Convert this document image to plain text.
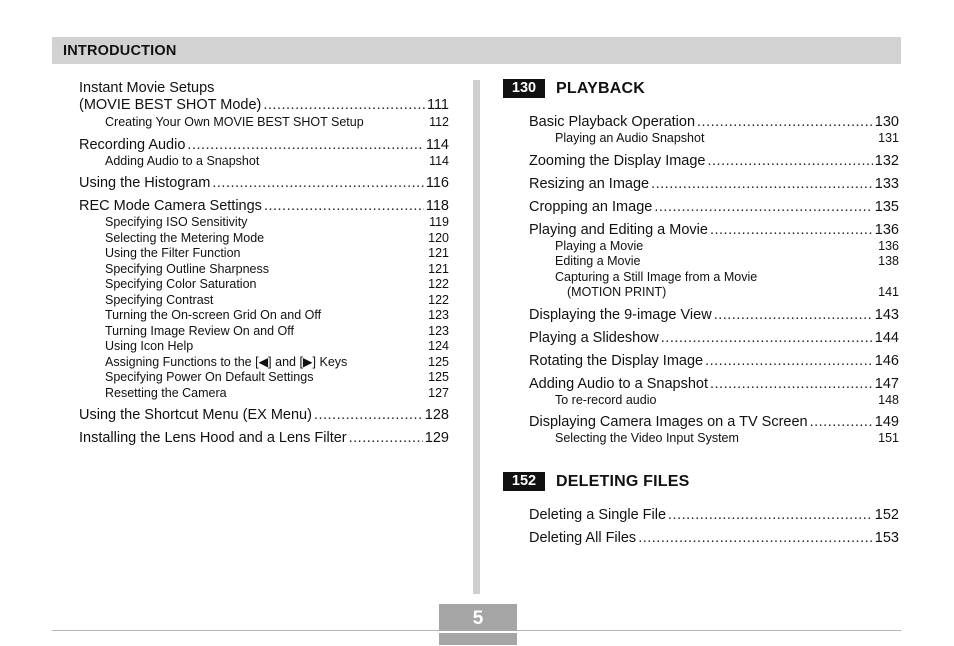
INTRODUCTION
Instant Movie Setups
(MOVIE BEST SHOT Mode) .....	111
Creating Your Own MOVIE BEST SHOT Setup	112
Recording Audio .....	114
Adding Audio to a Snapshot	114
Using the Histogram .....	116
REC Mode Camera Settings .....	118
Specifying ISO Sensitivity	119
Selecting the Metering Mode	120
Using the Filter Function	121
Specifying Outline Sharpness	121
Specifying Color Saturation	122
Specifying Contrast	122
Turning the On-screen Grid On and Off	123
Turning Image Review On and Off	123
Using Icon Help	124
Assigning Functions to the [◀] and [▶] Keys	125
Specifying Power On Default Settings	125
Resetting the Camera	127
Using the Shortcut Menu (EX Menu) .....	128
Installing the Lens Hood and a Lens Filter .....	129
130	PLAYBACK
Basic Playback Operation .....	130
Playing an Audio Snapshot	131
Zooming the Display Image .....	132
Resizing an Image .....	133
Cropping an Image .....	135
Playing and Editing a Movie .....	136
Playing a Movie	136
Editing a Movie	138
Capturing a Still Image from a Movie
(MOTION PRINT)	141
Displaying the 9-image View .....	143
Playing a Slideshow .....	144
Rotating the Display Image .....	146
Adding Audio to a Snapshot .....	147
To re-record audio	148
Displaying Camera Images on a TV Screen .....	149
Selecting the Video Input System	151
152	DELETING FILES
Deleting a Single File .....	152
Deleting All Files .....	153
5
